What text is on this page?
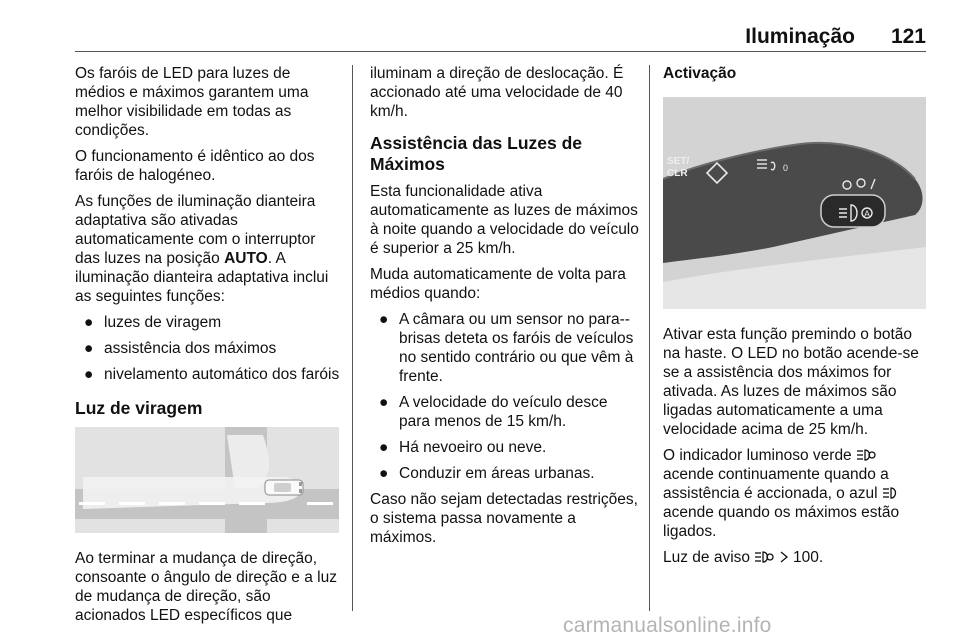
Iluminação	121

Os faróis de LED para luzes de médios e máximos garantem uma melhor visibilidade em todas as condições.

O funcionamento é idêntico ao dos faróis de halogéneo.

As funções de iluminação dianteira adaptativa são ativadas automaticamente com o interruptor das luzes na posição AUTO. A iluminação dianteira adaptativa inclui as seguintes funções:

● luzes de viragem
● assistência dos máximos
● nivelamento automático dos faróis
Luz de viragem

Ao terminar a mudança de direção, consoante o ângulo de direção e a luz de mudança de direção, são acionados LED específicos que

iluminam a direção de deslocação. É accionado até uma velocidade de 40 km/h.

Assistência das Luzes de Máximos

Esta funcionalidade ativa automaticamente as luzes de máximos à noite quando a velocidade do veículo é superior a 25 km/h.

Muda automaticamente de volta para médios quando:

● A câmara ou um sensor no para--brisas deteta os faróis de veículos no sentido contrário ou que vêm à frente.
● A velocidade do veículo desce para menos de 15 km/h.
● Há nevoeiro ou neve.
● Conduzir em áreas urbanas.

Caso não sejam detectadas restrições, o sistema passa novamente a máximos.

Activação
SET/
CLR	0
A

Ativar esta função premindo o botão na haste. O LED no botão acende-se se a assistência dos máximos for ativada. As luzes de máximos são ligadas automaticamente a uma velocidade acima de 25 km/h.

O indicador luminoso verde  acende continuamente quando a assistência é accionada, o azul  acende quando os máximos estão ligados.

Luz de aviso   100.

carmanualsonline.info
